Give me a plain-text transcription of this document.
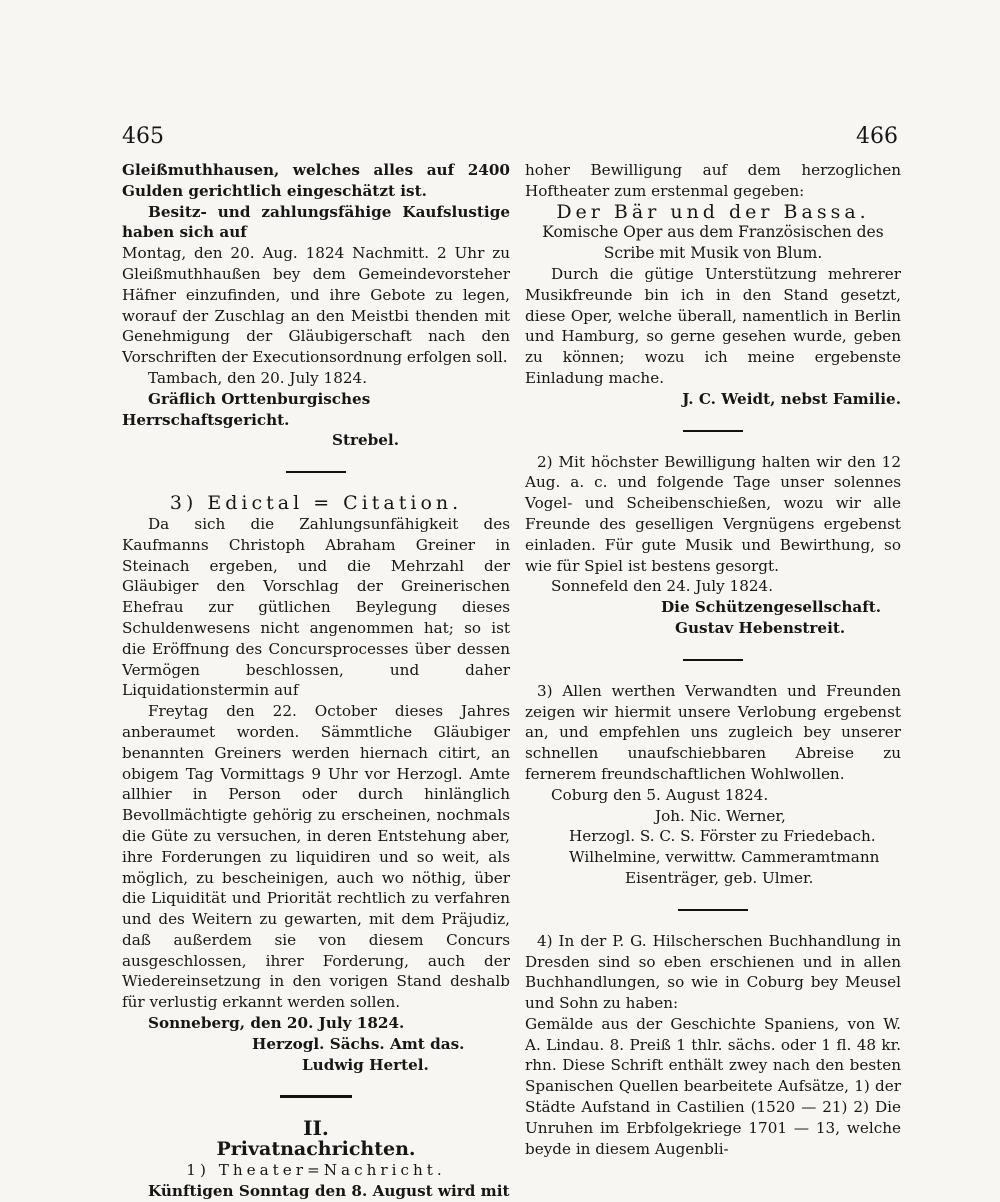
465	466

Gleißmuthhausen, welches alles auf 2400 Gulden gerichtlich eingeschätzt ist.

Besitz- und zahlungsfähige Kaufslustige haben sich auf

Montag, den 20. Aug. 1824 Nachmitt. 2 Uhr zu Gleißmuthhaußen bey dem Gemeindevorsteher Häfner einzufinden, und ihre Gebote zu legen, worauf der Zuschlag an den Meistbi thenden mit Genehmigung der Gläubigerschaft nach den Vorschriften der Executionsordnung erfolgen soll.

Tambach, den 20. July 1824.

Gräflich Orttenburgisches Herrschaftsgericht.

Strebel.

3) Edictal = Citation.

Da sich die Zahlungsunfähigkeit des Kaufmanns Christoph Abraham Greiner in Steinach ergeben, und die Mehrzahl der Gläubiger den Vorschlag der Greinerischen Ehefrau zur gütlichen Beylegung dieses Schuldenwesens nicht angenommen hat; so ist die Eröffnung des Concursprocesses über dessen Vermögen beschlossen, und daher Liquidationstermin auf

Freytag den 22. October dieses Jahres anberaumet worden. Sämmtliche Gläubiger benannten Greiners werden hiernach citirt, an obigem Tag Vormittags 9 Uhr vor Herzogl. Amte allhier in Person oder durch hinlänglich Bevollmächtigte gehörig zu erscheinen, nochmals die Güte zu versuchen, in deren Entstehung aber, ihre Forderungen zu liquidiren und so weit, als möglich, zu bescheinigen, auch wo nöthig, über die Liquidität und Priorität rechtlich zu verfahren und des Weitern zu gewarten, mit dem Präjudiz, daß außerdem sie von diesem Concurs ausgeschlossen, ihrer Forderung, auch der Wiedereinsetzung in den vorigen Stand deshalb für verlustig erkannt werden sollen.

Sonneberg, den 20. July 1824.

Herzogl. Sächs. Amt das.

Ludwig Hertel.

II.

Privatnachrichten.

1) Theater=Nachricht.

Künftigen Sonntag den 8. August wird mit

hoher Bewilligung auf dem herzoglichen Hoftheater zum erstenmal gegeben:

Der Bär und der Bassa.

Komische Oper aus dem Französischen des Scribe mit Musik von Blum.

Durch die gütige Unterstützung mehrerer Musikfreunde bin ich in den Stand gesetzt, diese Oper, welche überall, namentlich in Berlin und Hamburg, so gerne gesehen wurde, geben zu können; wozu ich meine ergebenste Einladung mache.

J. C. Weidt, nebst Familie.

2) Mit höchster Bewilligung halten wir den 12 Aug. a. c. und folgende Tage unser solennes Vogel- und Scheibenschießen, wozu wir alle Freunde des geselligen Vergnügens ergebenst einladen. Für gute Musik und Bewirthung, so wie für Spiel ist bestens gesorgt.

Sonnefeld den 24. July 1824.

Die Schützengesellschaft.

Gustav Hebenstreit.

3) Allen werthen Verwandten und Freunden zeigen wir hiermit unsere Verlobung ergebenst an, und empfehlen uns zugleich bey unserer schnellen unaufschiebbaren Abreise zu fernerem freundschaftlichen Wohlwollen.

Coburg den 5. August 1824.

Joh. Nic. Werner,

Herzogl. S. C. S. Förster zu Friedebach.

Wilhelmine, verwittw. Cammeramtmann

Eisenträger, geb. Ulmer.

4) In der P. G. Hilscherschen Buchhandlung in Dresden sind so eben erschienen und in allen Buchhandlungen, so wie in Coburg bey Meusel und Sohn zu haben:

Gemälde aus der Geschichte Spaniens, von W. A. Lindau. 8. Preiß 1 thlr. sächs. oder 1 fl. 48 kr. rhn. Diese Schrift enthält zwey nach den besten Spanischen Quellen bearbeitete Aufsätze, 1) der Städte Aufstand in Castilien (1520 — 21) 2) Die Unruhen im Erbfolgekriege 1701 — 13, welche beyde in diesem Augenbli-
